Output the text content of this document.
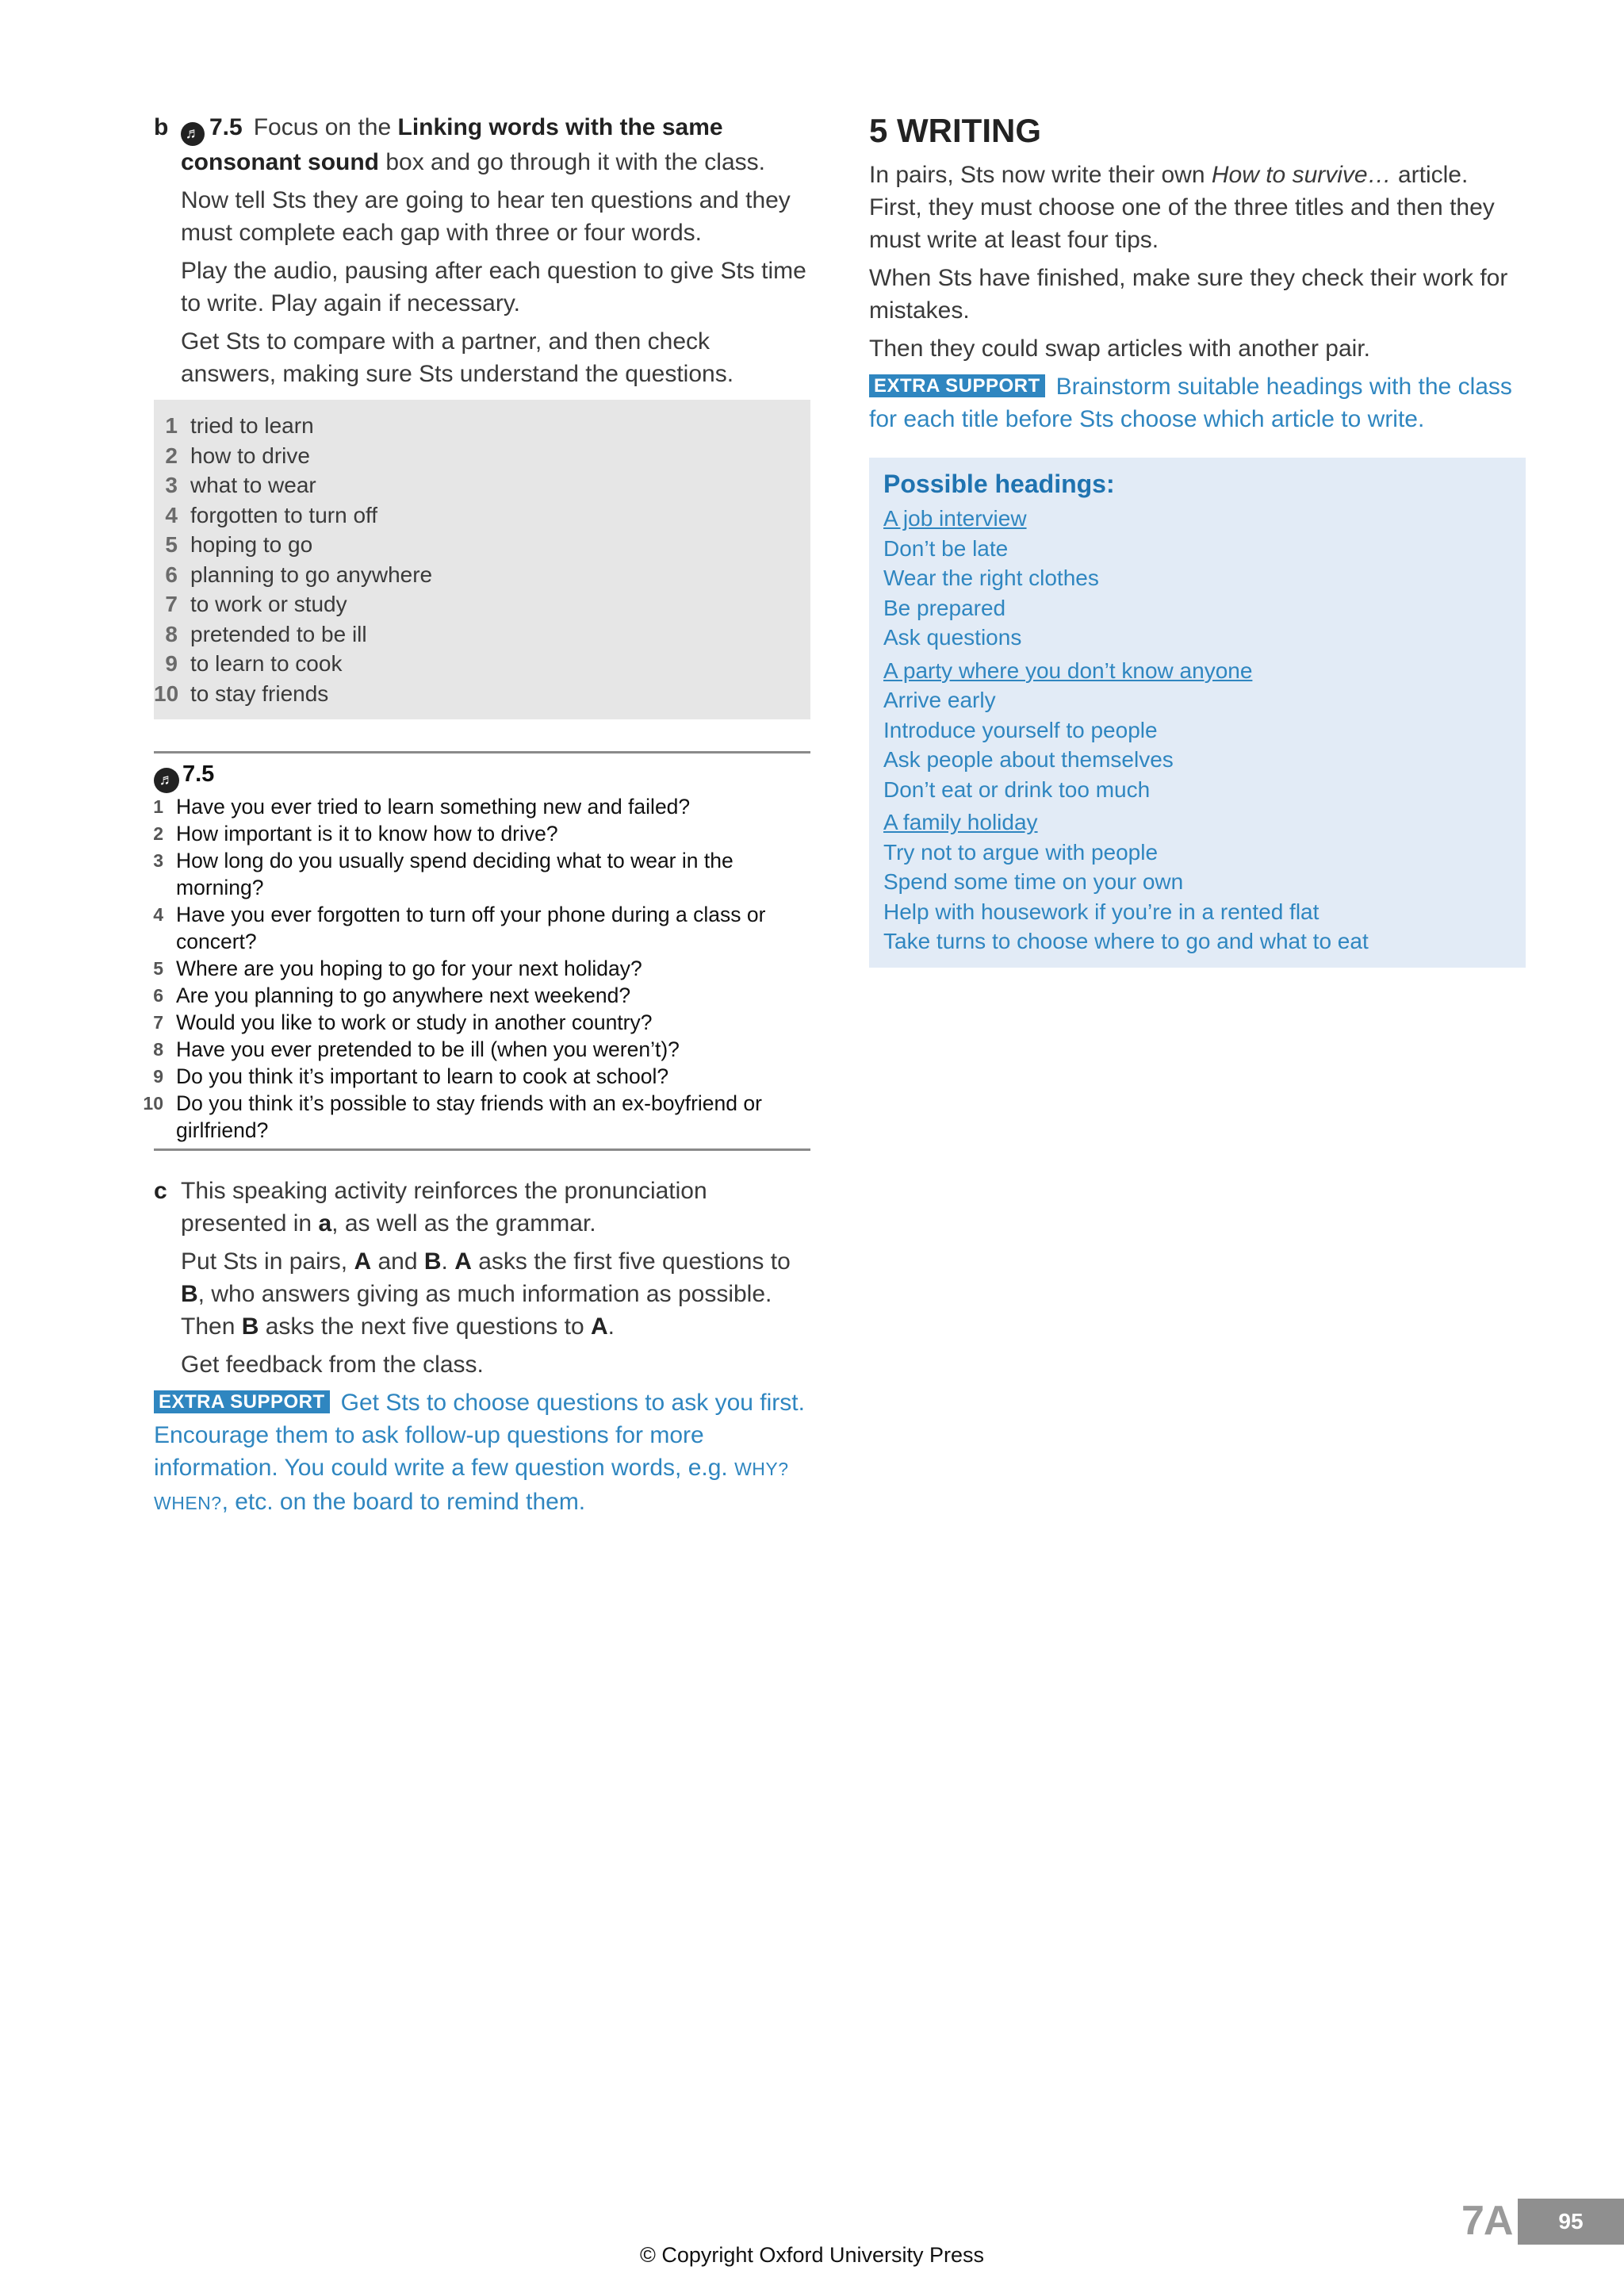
b ♬ 7.5 Focus on the Linking words with the same consonant sound box and go through it with the class.

Now tell Sts they are going to hear ten questions and they must complete each gap with three or four words.

Play the audio, pausing after each question to give Sts time to write. Play again if necessary.

Get Sts to compare with a partner, and then check answers, making sure Sts understand the questions.

1 tried to learn
2 how to drive
3 what to wear
4 forgotten to turn off
5 hoping to go
6 planning to go anywhere
7 to work or study
8 pretended to be ill
9 to learn to cook
10 to stay friends
♬ 7.5
1 Have you ever tried to learn something new and failed?
2 How important is it to know how to drive?
3 How long do you usually spend deciding what to wear in the morning?
4 Have you ever forgotten to turn off your phone during a class or concert?
5 Where are you hoping to go for your next holiday?
6 Are you planning to go anywhere next weekend?
7 Would you like to work or study in another country?
8 Have you ever pretended to be ill (when you weren’t)?
9 Do you think it’s important to learn to cook at school?
10 Do you think it’s possible to stay friends with an ex-boyfriend or girlfriend?

c This speaking activity reinforces the pronunciation presented in a, as well as the grammar.

Put Sts in pairs, A and B. A asks the first five questions to B, who answers giving as much information as possible. Then B asks the next five questions to A.

Get feedback from the class.

EXTRA SUPPORT Get Sts to choose questions to ask you first. Encourage them to ask follow-up questions for more information. You could write a few question words, e.g. WHY? WHEN?, etc. on the board to remind them.
5 WRITING

In pairs, Sts now write their own How to survive… article. First, they must choose one of the three titles and then they must write at least four tips.

When Sts have finished, make sure they check their work for mistakes.

Then they could swap articles with another pair.

EXTRA SUPPORT Brainstorm suitable headings with the class for each title before Sts choose which article to write.
Possible headings:
A job interview
Don’t be late
Wear the right clothes
Be prepared
Ask questions
A party where you don’t know anyone
Arrive early
Introduce yourself to people
Ask people about themselves
Don’t eat or drink too much
A family holiday
Try not to argue with people
Spend some time on your own
Help with housework if you’re in a rented flat
Take turns to choose where to go and what to eat
7A	95
© Copyright Oxford University Press
